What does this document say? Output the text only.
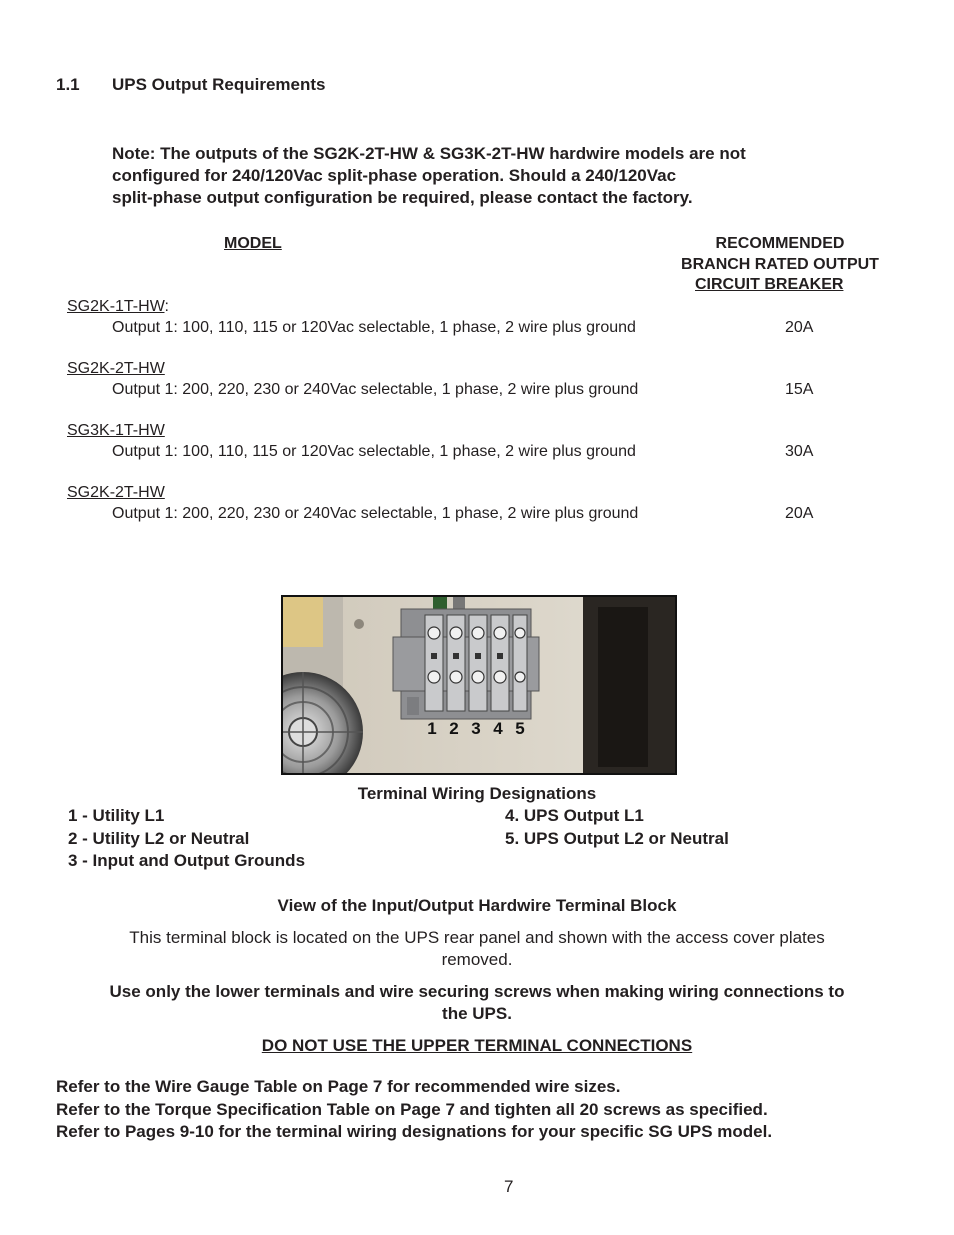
1.1 UPS Output Requirements
Note: The outputs of the SG2K-2T-HW & SG3K-2T-HW hardwire models are not
configured for 240/120Vac split-phase operation. Should a 240/120Vac
split-phase output configuration be required, please contact the factory.
MODEL	RECOMMENDED
BRANCH RATED OUTPUT
CIRCUIT BREAKER
SG2K-1T-HW:
Output 1: 100, 110, 115 or 120Vac selectable, 1 phase, 2 wire plus ground	20A
SG2K-2T-HW
Output 1: 200, 220, 230 or 240Vac selectable, 1 phase, 2 wire plus ground	15A
SG3K-1T-HW
Output 1: 100, 110, 115 or 120Vac selectable, 1 phase, 2 wire plus ground	30A
SG2K-2T-HW
Output 1: 200, 220, 230 or 240Vac selectable, 1 phase, 2 wire plus ground	20A
1 2 3 4 5
Terminal Wiring Designations
1 - Utility L1
2 - Utility L2 or Neutral
3 - Input and Output Grounds
4. UPS Output L1
5. UPS Output L2 or Neutral
View of the Input/Output Hardwire Terminal Block
This terminal block is located on the UPS rear panel and shown with the access cover plates
removed.
Use only the lower terminals and wire securing screws when making wiring connections to
the UPS.
DO NOT USE THE UPPER TERMINAL CONNECTIONS
Refer to the Wire Gauge Table on Page 7 for recommended wire sizes.
Refer to the Torque Specification Table on Page 7 and tighten all 20 screws as specified.
Refer to Pages 9-10 for the terminal wiring designations for your specific SG UPS model.
7
